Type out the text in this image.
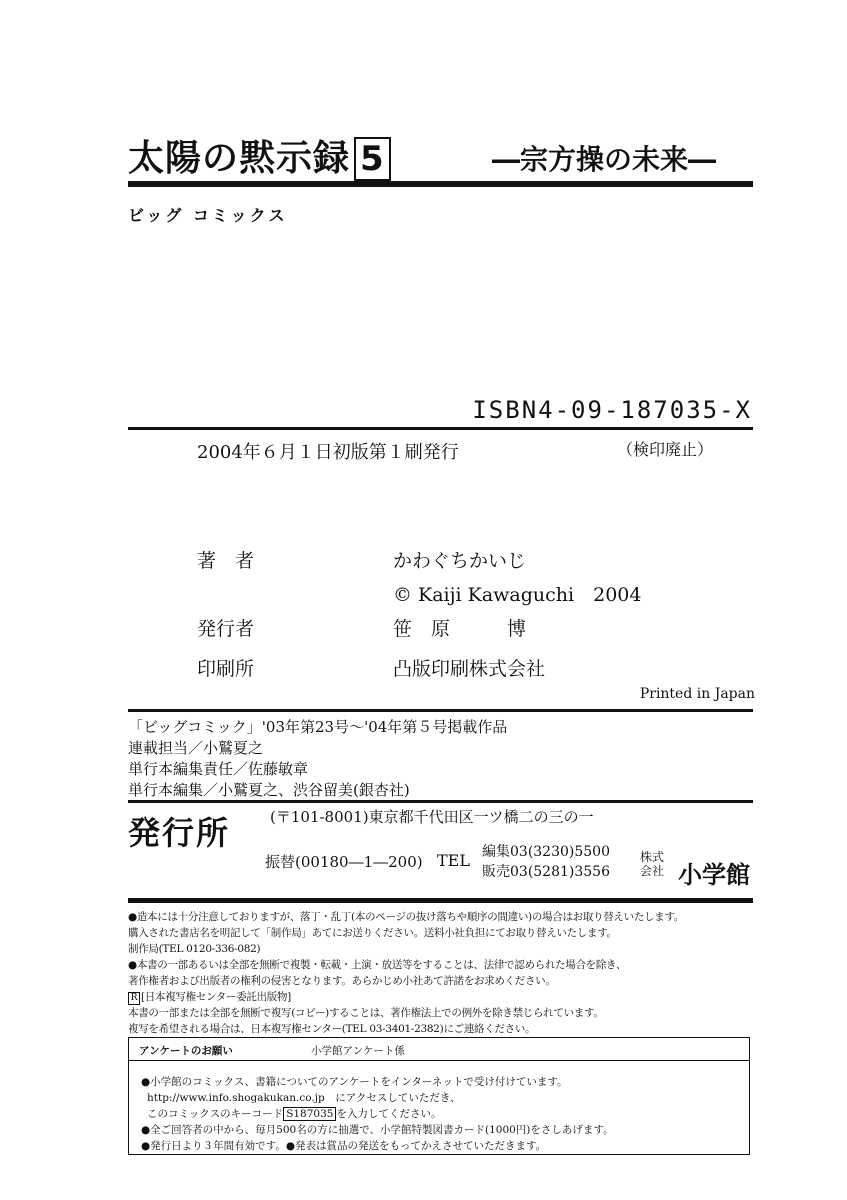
太陽の黙示録 5	―宗方操の未来―
ビッグ コミックス
ISBN4-09-187035-X
2004年６月１日初版第１刷発行	（検印廃止）
著　者	かわぐちかいじ
© Kaiji Kawaguchi　2004
発行者	笹　原　　　博
印刷所	凸版印刷株式会社
Printed in Japan
「ビッグコミック」'03年第23号～'04年第５号掲載作品
連載担当／小鷲夏之
単行本編集責任／佐藤敏章
単行本編集／小鷲夏之、渋谷留美(銀杏社)
発行所	(〒101-8001)東京都千代田区一ツ橋二の三の一
振替(00180―1―200) TEL 編集03(3230)5500
販売03(5281)3556
株式会社 小学館
●造本には十分注意しておりますが、落丁・乱丁(本のページの抜け落ちや順序の間違い)の場合はお取り替えいたします。
購入された書店名を明記して「制作局」あてにお送りください。送料小社負担にてお取り替えいたします。
制作局(TEL 0120-336-082)
●本書の一部あるいは全部を無断で複製・転載・上演・放送等をすることは、法律で認められた場合を除き、
著作権者および出版者の権利の侵害となります。あらかじめ小社あて許諾をお求めください。
R [日本複写権センター委託出版物]
本書の一部または全部を無断で複写(コピー)することは、著作権法上での例外を除き禁じられています。
複写を希望される場合は、日本複写権センター(TEL 03-3401-2382)にご連絡ください。
アンケートのお願い	小学館アンケート係
●小学館のコミックス、書籍についてのアンケートをインターネットで受け付けています。
http://www.info.shogakukan.co.jp　 にアクセスしていただき、
このコミックスのキーコード S187035 を入力してください。
●全ご回答者の中から、毎月500名の方に抽選で、小学館特製図書カード(1000円)をさしあげます。
●発行日より３年間有効です。●発表は賞品の発送をもってかえさせていただきます。
